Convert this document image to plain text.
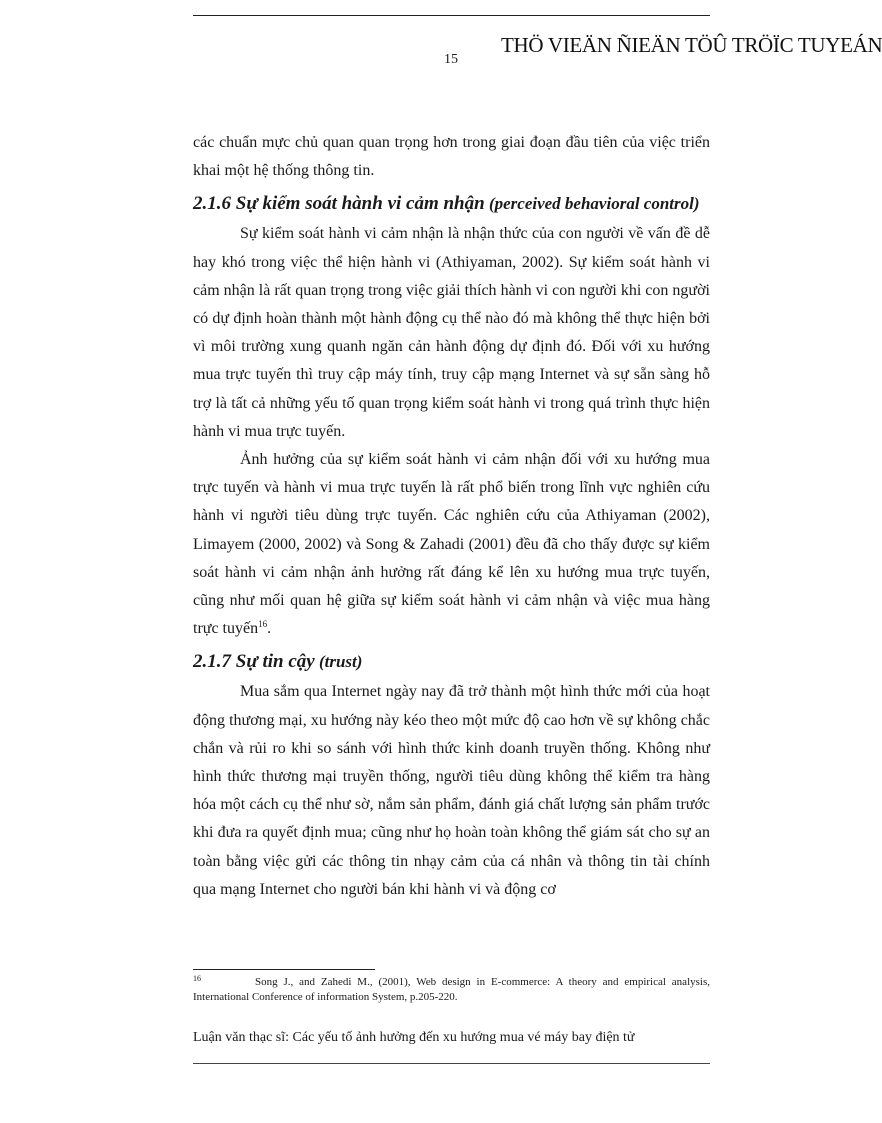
THÖ VIEÄN ÑIEÄN TÖÛ TRÖÏC TUYEÁN
15

các chuẩn mực chủ quan quan trọng hơn trong giai đoạn đầu tiên của việc triển khai một hệ thống thông tin.

2.1.6 Sự kiểm soát hành vi cảm nhận (perceived behavioral control)

Sự kiểm soát hành vi cảm nhận là nhận thức của con người về vấn đề dễ hay khó trong việc thể hiện hành vi (Athiyaman, 2002). Sự kiểm soát hành vi cảm nhận là rất quan trọng trong việc giải thích hành vi con người khi con người có dự định hoàn thành một hành động cụ thể nào đó mà không thể thực hiện bởi vì môi trường xung quanh ngăn cản hành động dự định đó. Đối với xu hướng mua trực tuyến thì truy cập máy tính, truy cập mạng Internet và sự sẵn sàng hỗ trợ là tất cả những yếu tố quan trọng kiểm soát hành vi trong quá trình thực hiện hành vi mua trực tuyến.

Ảnh hưởng của sự kiểm soát hành vi cảm nhận đối với xu hướng mua trực tuyến và hành vi mua trực tuyến là rất phổ biến trong lĩnh vực nghiên cứu hành vi người tiêu dùng trực tuyến. Các nghiên cứu của Athiyaman (2002), Limayem (2000, 2002) và Song & Zahadi (2001) đều đã cho thấy được sự kiểm soát hành vi cảm nhận ảnh hưởng rất đáng kể lên xu hướng mua trực tuyến, cũng như mối quan hệ giữa sự kiểm soát hành vi cảm nhận và việc mua hàng trực tuyến$^{16}$.

2.1.7 Sự tin cậy (trust)

Mua sắm qua Internet ngày nay đã trở thành một hình thức mới của hoạt động thương mại, xu hướng này kéo theo một mức độ cao hơn về sự không chắc chắn và rủi ro khi so sánh với hình thức kinh doanh truyền thống. Không như hình thức thương mại truyền thống, người tiêu dùng không thể kiểm tra hàng hóa một cách cụ thể như sờ, nắm sản phẩm, đánh giá chất lượng sản phẩm trước khi đưa ra quyết định mua; cũng như họ hoàn toàn không thể giám sát cho sự an toàn bằng việc gửi các thông tin nhạy cảm của cá nhân và thông tin tài chính qua mạng Internet cho người bán khi hành vi và động cơ

16	Song J., and Zahedi M., (2001), Web design in E-commerce: A theory and empirical analysis, International Conference of information System, p.205-220.
Luận văn thạc sĩ: Các yếu tố ảnh hưởng đến xu hướng mua vé máy bay điện tử
